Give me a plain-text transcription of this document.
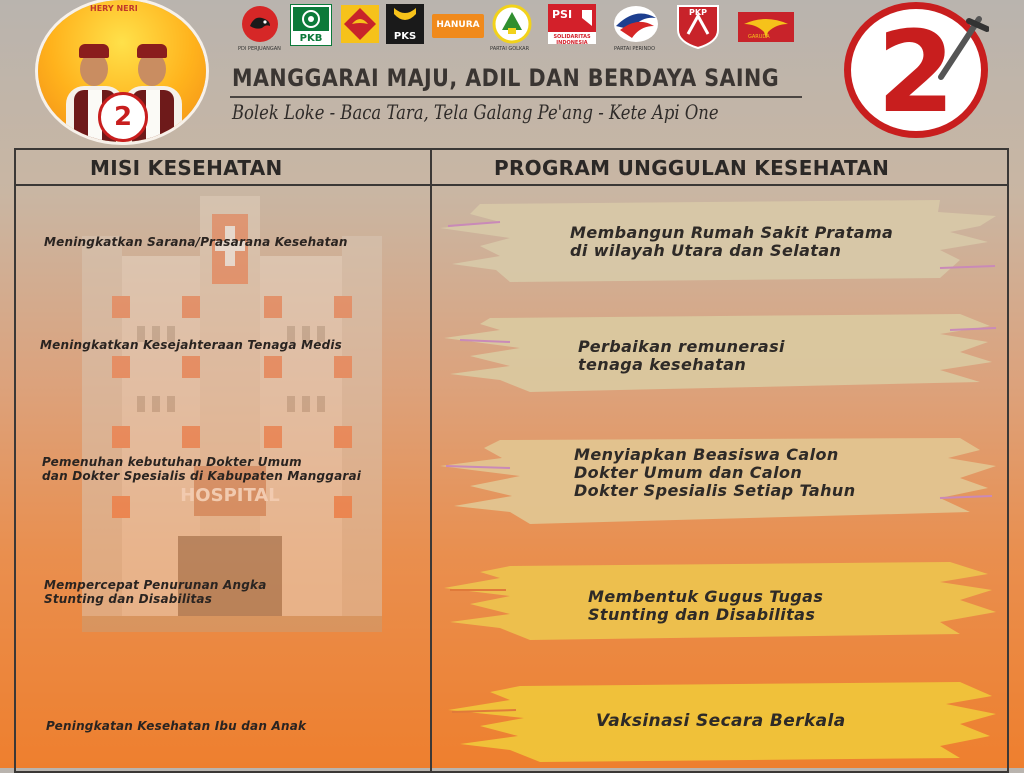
HERY NERI
2
PDI PERJUANGAN
PKB	PKS
HANURA
PARTAI GOLKAR
PSI
SOLIDARITAS INDONESIA
PARTAI PERINDO
PKP
GARUDA
MANGGARAI MAJU, ADIL DAN BERDAYA SAING
Bolek Loke - Baca Tara, Tela Galang Pe'ang - Kete Api One 2
MISI KESEHATAN	PROGRAM UNGGULAN KESEHATAN
HOSPITAL
Meningkatkan Sarana/Prasarana Kesehatan
Meningkatkan Kesejahteraan Tenaga Medis
Pemenuhan kebutuhan Dokter Umum
dan Dokter Spesialis di Kabupaten Manggarai
Mempercepat Penurunan Angka
Stunting dan Disabilitas
Peningkatan Kesehatan Ibu dan Anak
Membangun Rumah Sakit Pratama
di wilayah Utara dan Selatan
Perbaikan remunerasi
tenaga kesehatan
Menyiapkan Beasiswa Calon
Dokter Umum dan Calon
Dokter Spesialis Setiap Tahun
Membentuk Gugus Tugas
Stunting dan Disabilitas
Vaksinasi Secara Berkala
